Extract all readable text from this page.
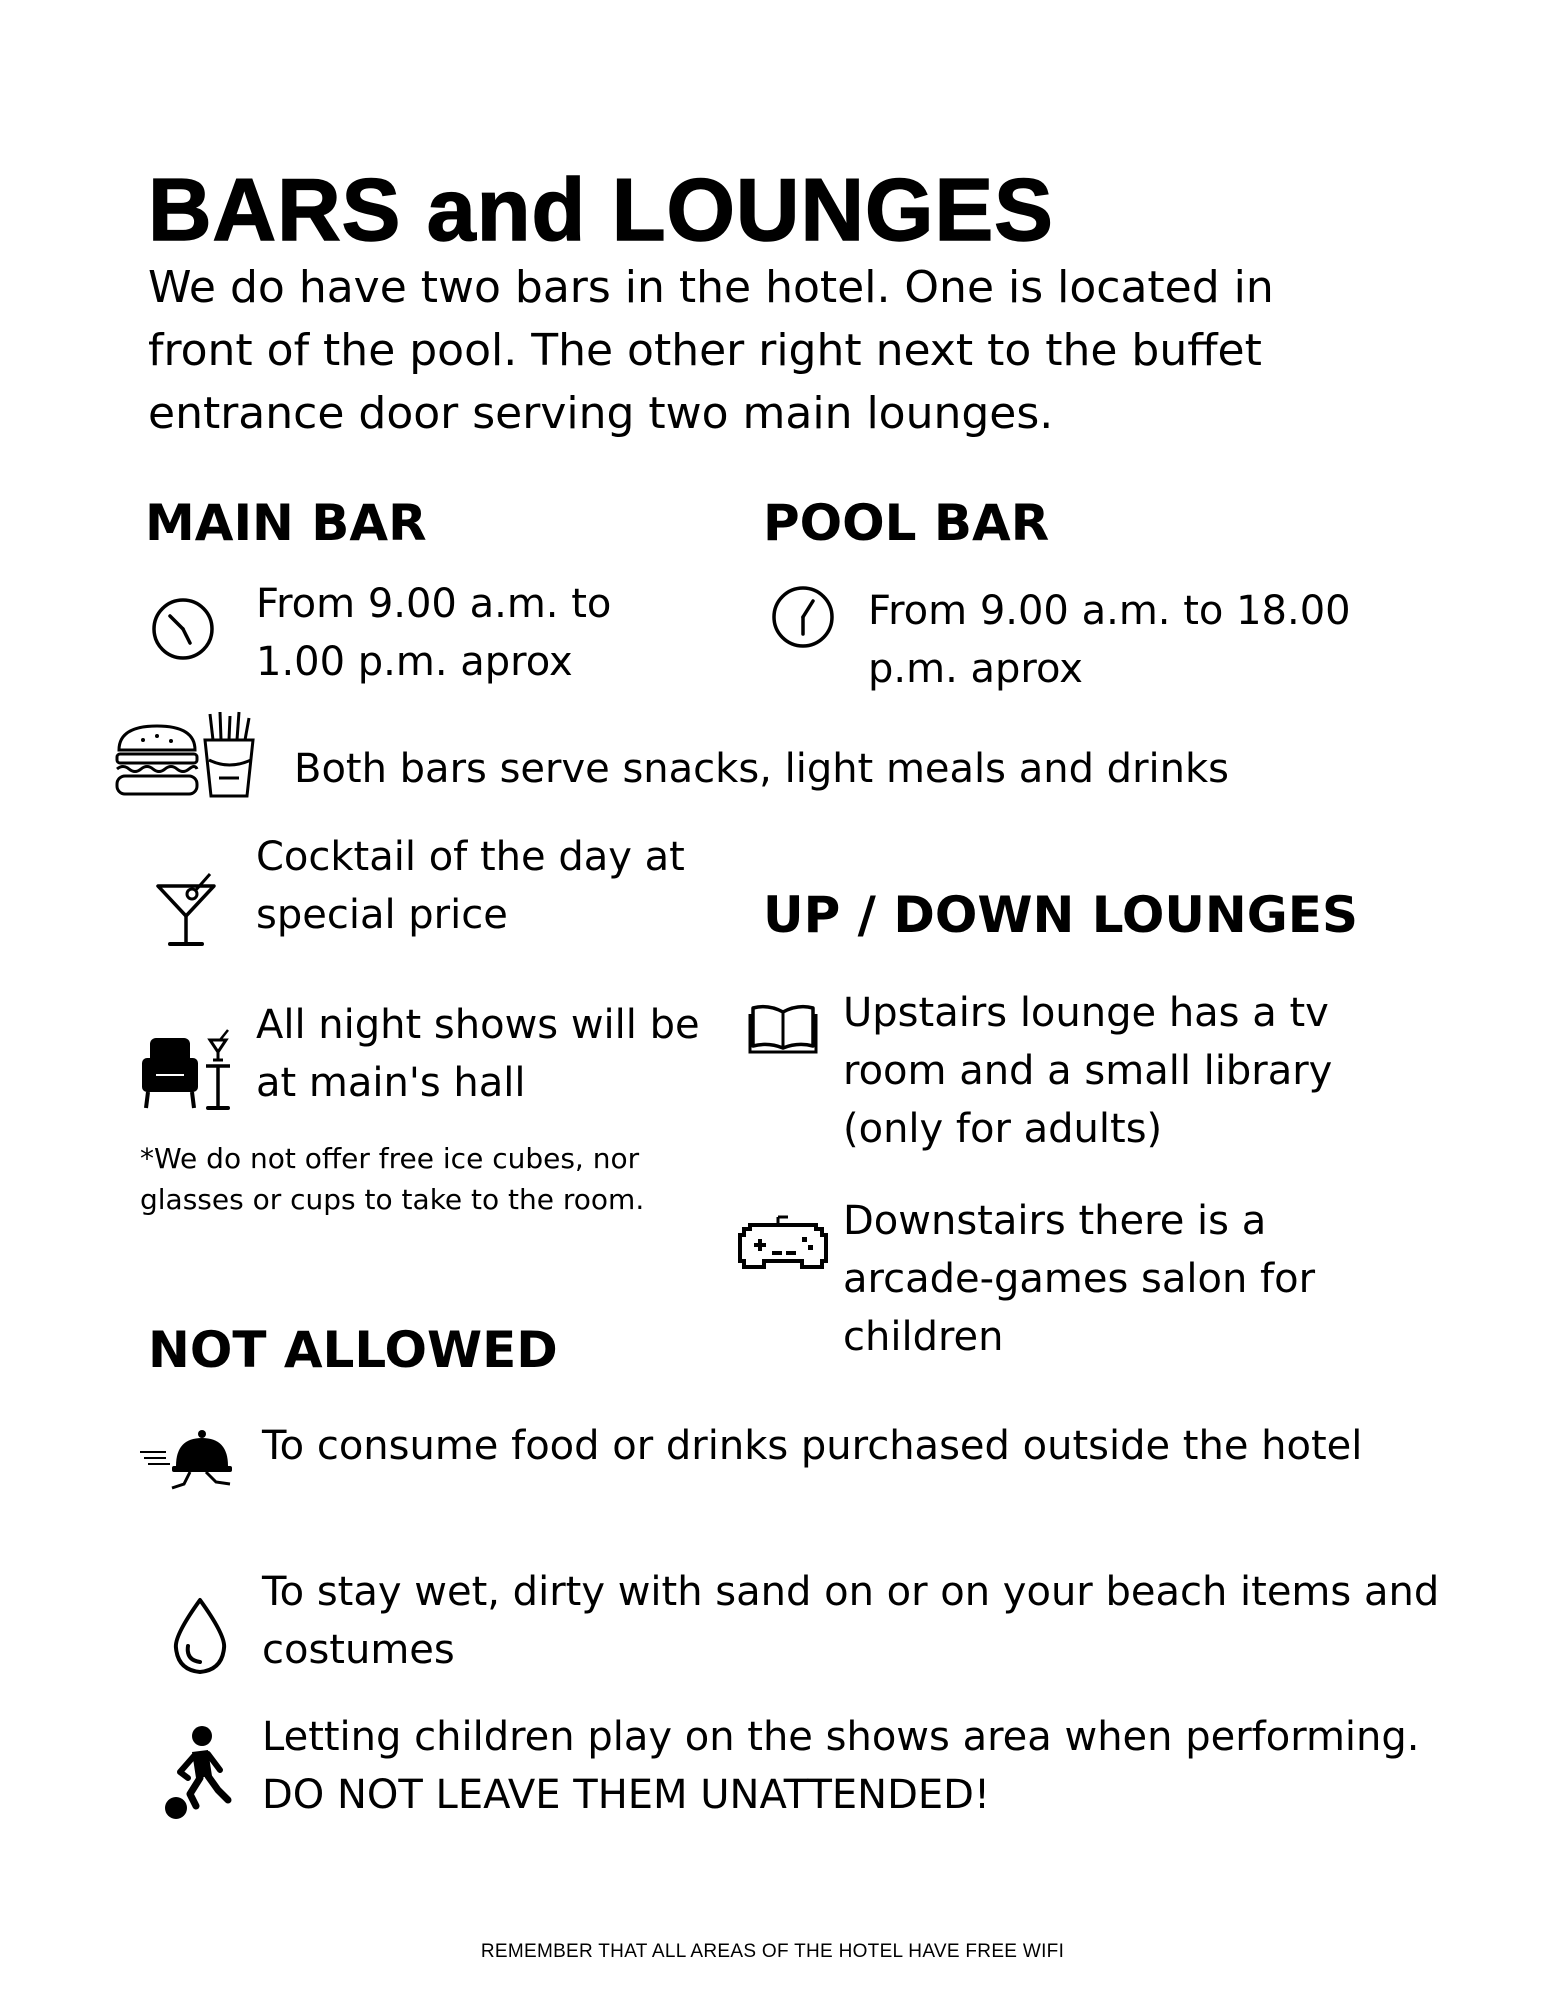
BARS and LOUNGES
We do have two bars in the hotel. One is located in front of the pool. The other right next to the buffet entrance door serving two main lounges.
MAIN BAR
From 9.00 a.m. to 1.00 p.m. aprox
POOL BAR
From 9.00 a.m. to 18.00 p.m. aprox
Both bars serve snacks, light meals and drinks
Cocktail of the day at special price
All night shows will be at main's hall
*We do not offer free ice cubes, nor glasses or cups to take to the room.
UP / DOWN LOUNGES
Upstairs lounge has a tv room and a small library (only for adults)
Downstairs there is a arcade-games salon for children
NOT ALLOWED
To consume food or drinks purchased outside the hotel
To stay wet, dirty with sand on or on your beach items and costumes
Letting children play on the shows area when performing. DO NOT LEAVE THEM UNATTENDED!
REMEMBER THAT ALL AREAS OF THE HOTEL HAVE FREE WIFI
